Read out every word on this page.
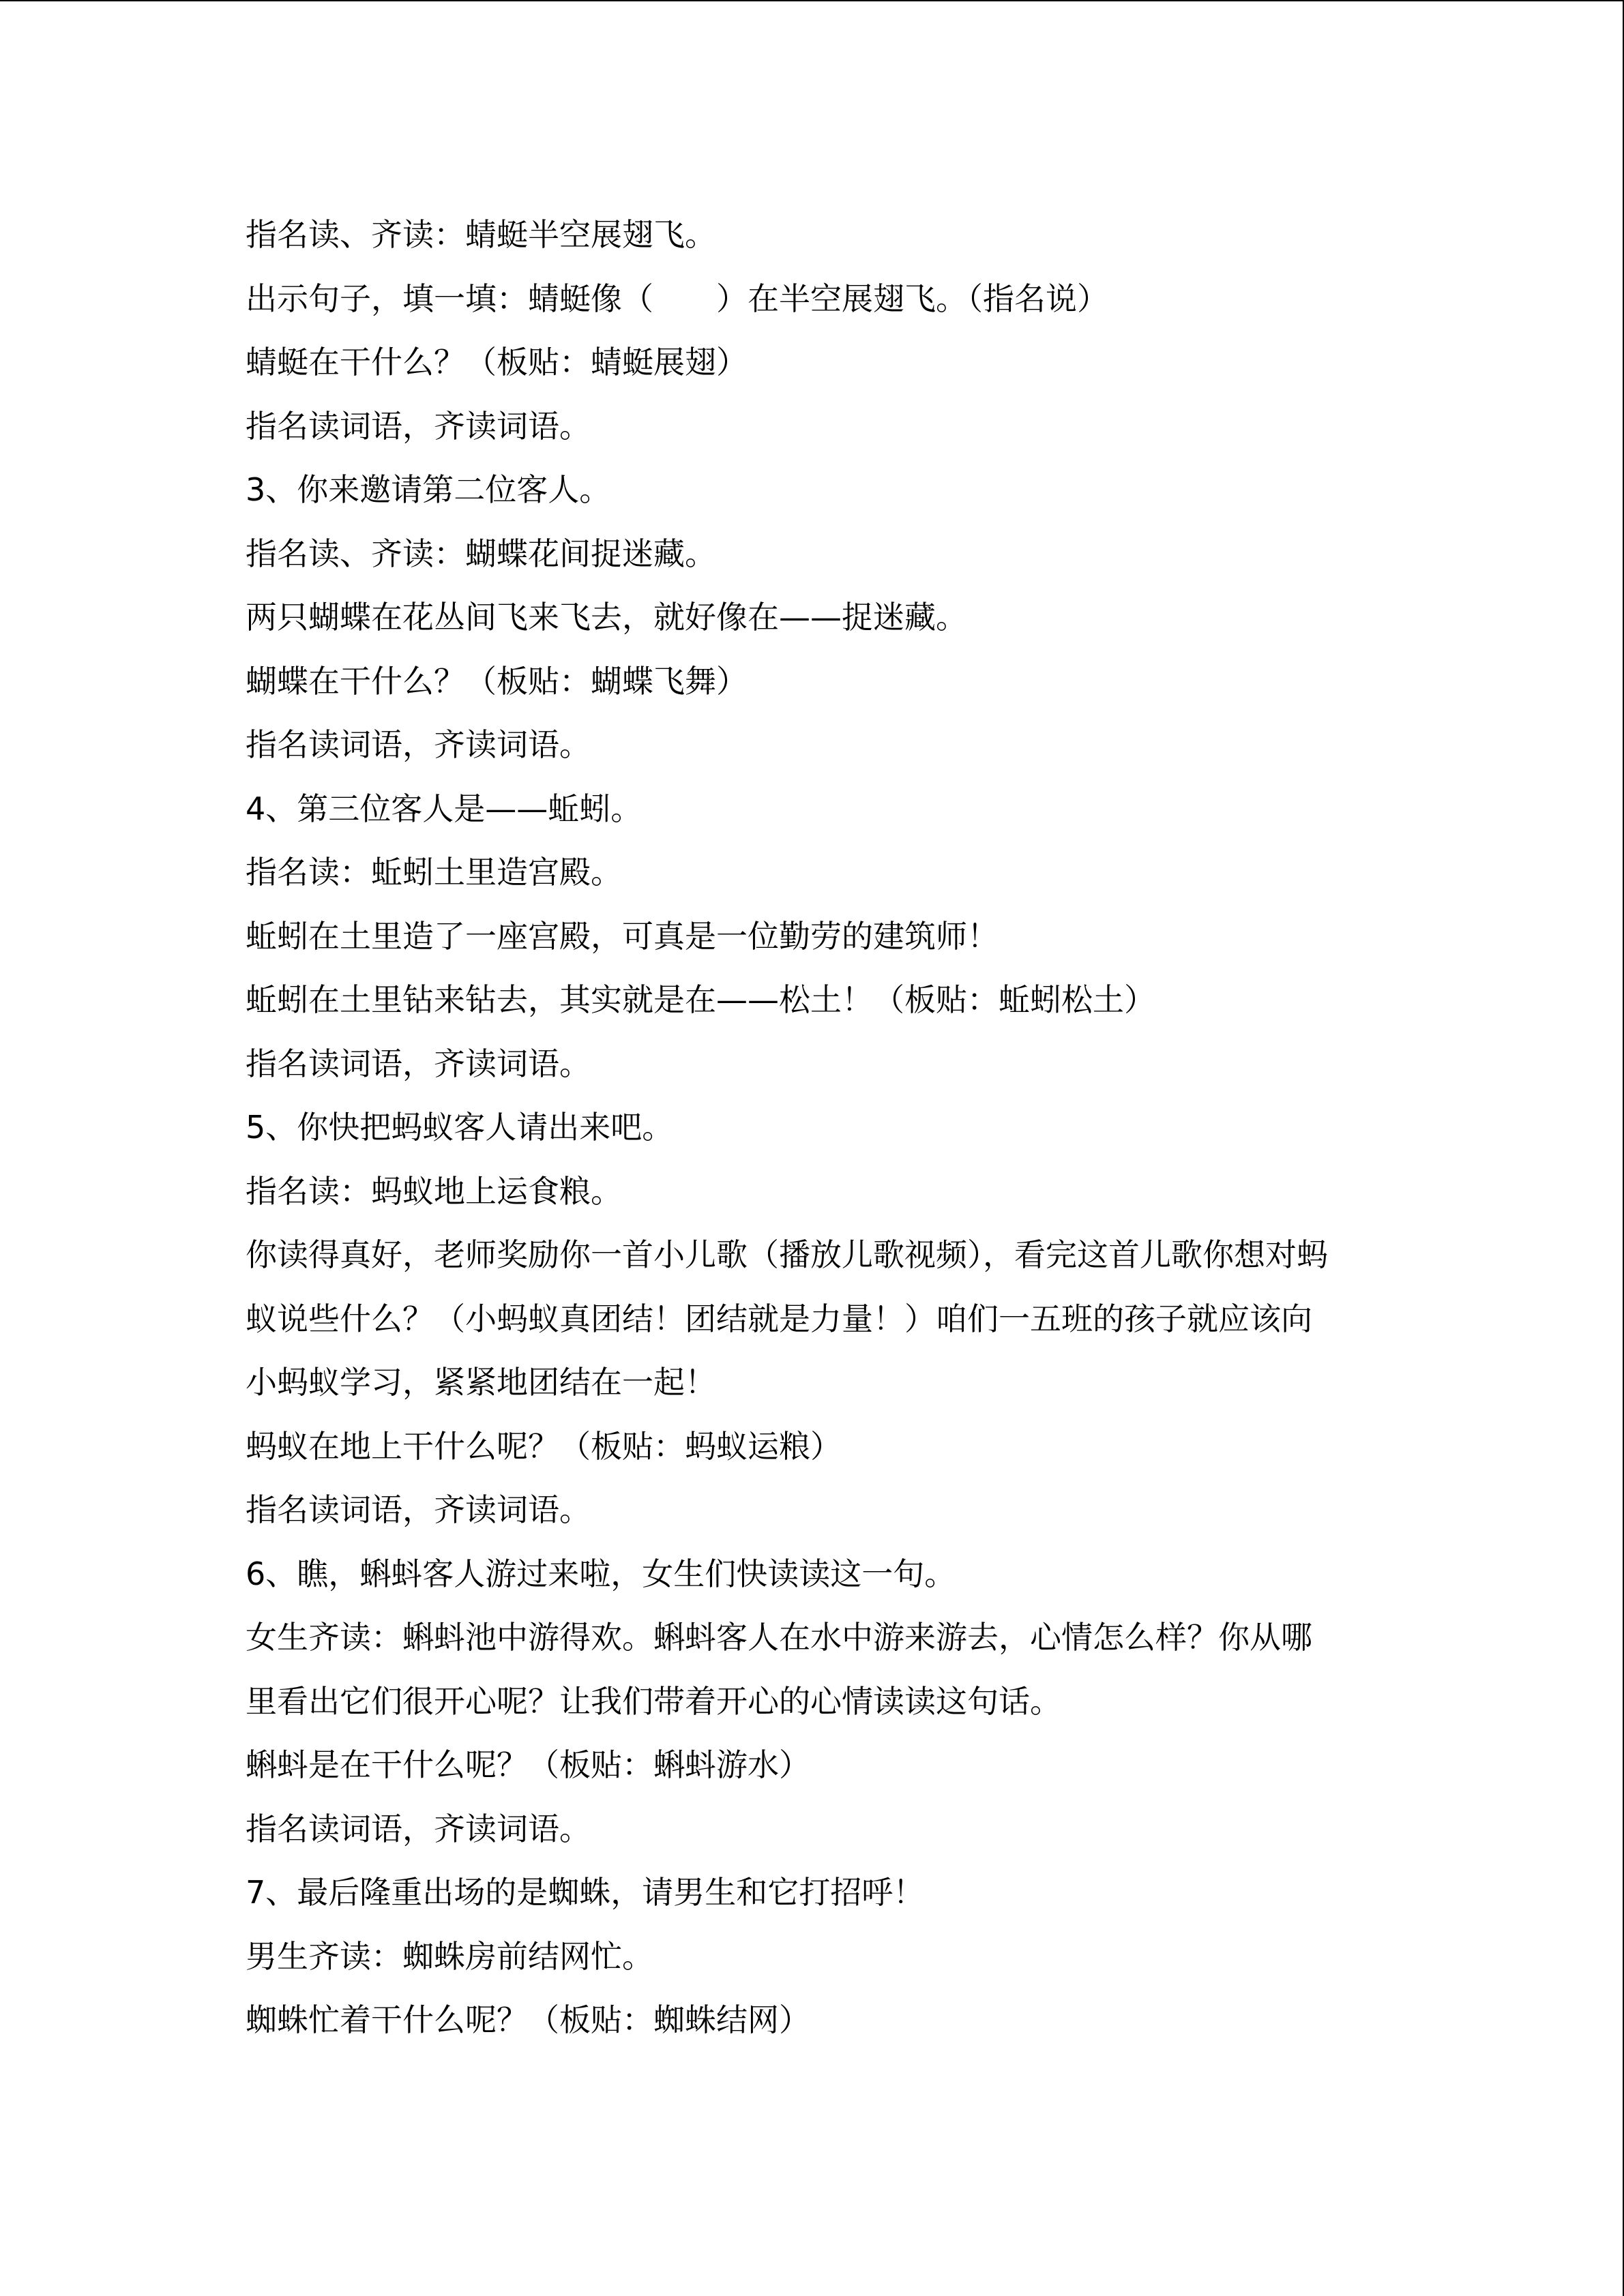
指名读、齐读：蜻蜓半空展翅飞。

出示句子，填一填：蜻蜓像（　　）在半空展翅飞。（指名说）

蜻蜓在干什么？（板贴：蜻蜓展翅）

指名读词语，齐读词语。

3、你来邀请第二位客人。

指名读、齐读：蝴蝶花间捉迷藏。

两只蝴蝶在花丛间飞来飞去，就好像在——捉迷藏。

蝴蝶在干什么？（板贴：蝴蝶飞舞）

指名读词语，齐读词语。

4、第三位客人是——蚯蚓。

指名读：蚯蚓土里造宫殿。

蚯蚓在土里造了一座宫殿，可真是一位勤劳的建筑师！

蚯蚓在土里钻来钻去，其实就是在——松土！（板贴：蚯蚓松土）

指名读词语，齐读词语。

5、你快把蚂蚁客人请出来吧。

指名读：蚂蚁地上运食粮。

你读得真好，老师奖励你一首小儿歌（播放儿歌视频），看完这首儿歌你想对蚂

蚁说些什么？（小蚂蚁真团结！团结就是力量！）咱们一五班的孩子就应该向

小蚂蚁学习，紧紧地团结在一起！

蚂蚁在地上干什么呢？（板贴：蚂蚁运粮）

指名读词语，齐读词语。

6、瞧，蝌蚪客人游过来啦，女生们快读读这一句。

女生齐读：蝌蚪池中游得欢。蝌蚪客人在水中游来游去，心情怎么样？你从哪

里看出它们很开心呢？让我们带着开心的心情读读这句话。

蝌蚪是在干什么呢？（板贴：蝌蚪游水）

指名读词语，齐读词语。

7、最后隆重出场的是蜘蛛，请男生和它打招呼！

男生齐读：蜘蛛房前结网忙。

蜘蛛忙着干什么呢？（板贴：蜘蛛结网）
